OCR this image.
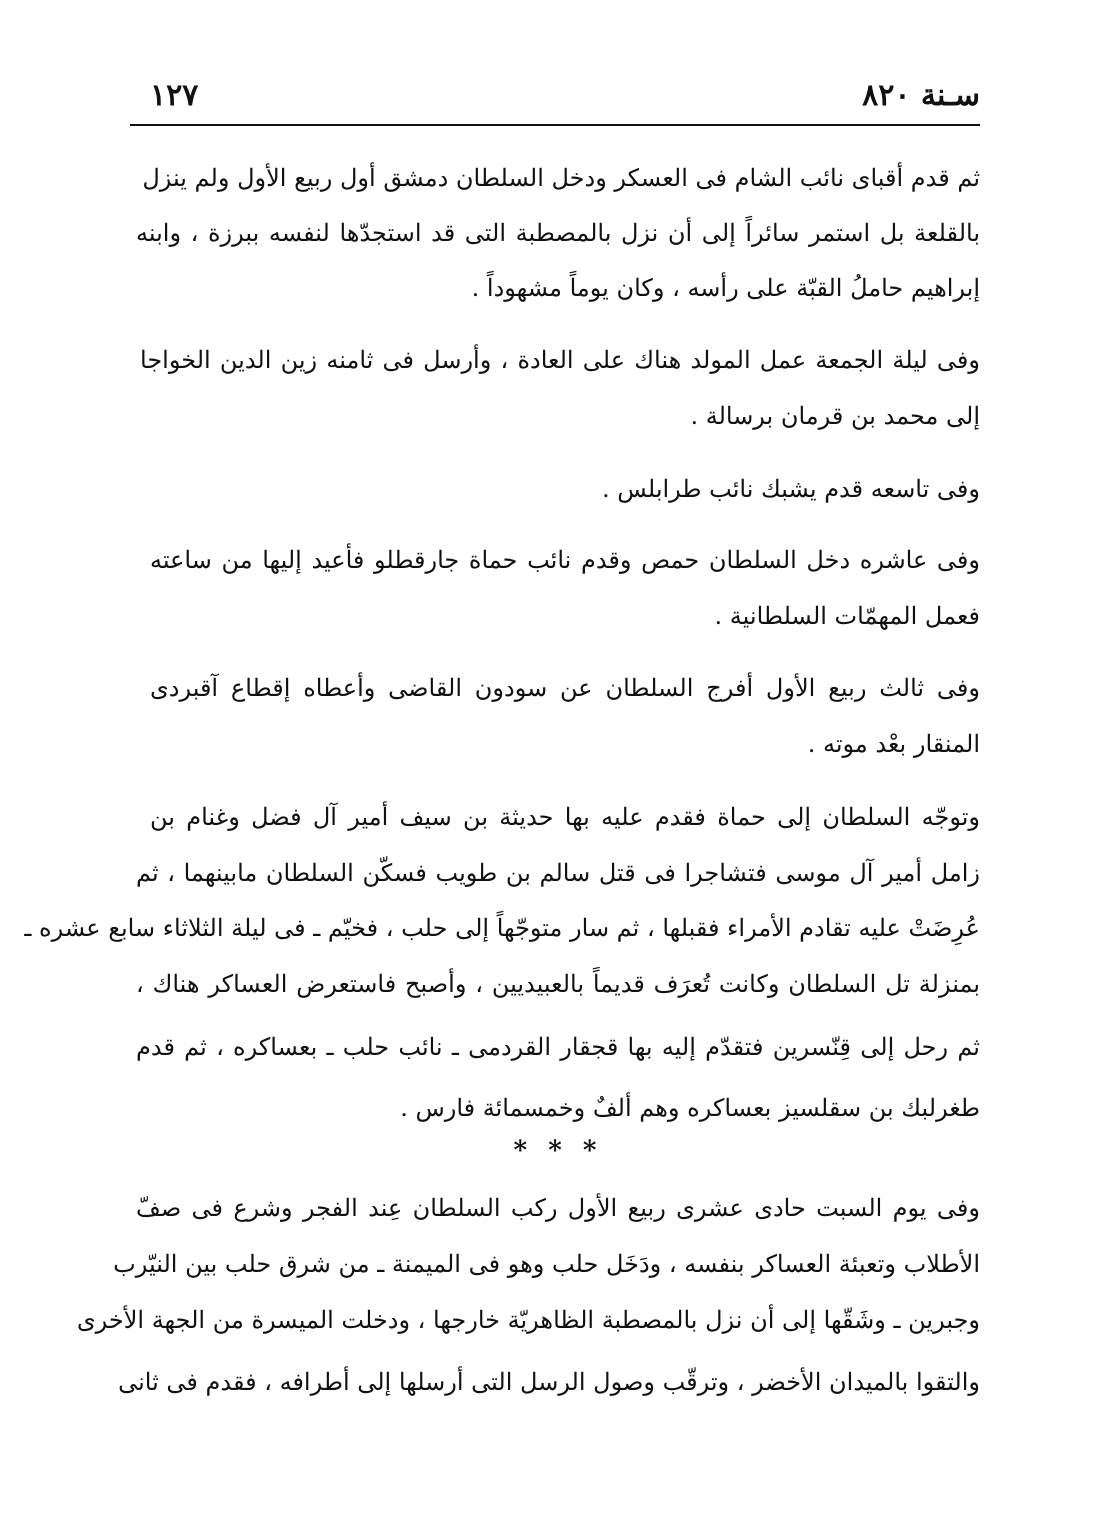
سـنة ٨٢٠
١٢٧
ثم قدم أقباى نائب الشام فى العسكر ودخل السلطان دمشق أول ربيع الأول ولم ينزل
بالقلعة بل استمر سائراً إلى أن نزل بالمصطبة التى قد استجدّها لنفسه ببرزة ، وابنه
إبراهيم حاملُ القبّة على رأسه ، وكان يوماً مشهوداً .
وفى ليلة الجمعة عمل المولد هناك على العادة ، وأرسل فى ثامنه زين الدين الخواجا
إلى محمد بن قرمان برسالة .
وفى تاسعه قدم يشبك نائب طرابلس .
وفى عاشره دخل السلطان حمص وقدم نائب حماة جارقطلو فأعيد إليها من ساعته
فعمل المهمّات السلطانية .
وفى ثالث ربيع الأول أفرج السلطان عن سودون القاضى وأعطاه إقطاع آقبردى
المنقار بعْد موته .
وتوجّه السلطان إلى حماة فقدم عليه بها حديثة بن سيف أمير آل فضل وغنام بن
زامل أمير آل موسى فتشاجرا فى قتل سالم بن طويب فسكّن السلطان مابينهما ، ثم
عُرِضَتْ عليه تقادم الأمراء فقبلها ، ثم سار متوجّهاً إلى حلب ، فخيّم ـ فى ليلة الثلاثاء سابع عشره ـ
بمنزلة تل السلطان وكانت تُعرَف قديماً بالعبيديين ، وأصبح فاستعرض العساكر هناك ،
ثم رحل إلى قِنّسرين فتقدّم إليه بها قجقار القردمى ـ نائب حلب ـ بعساكره ، ثم قدم
طغرلبك بن سقلسيز بعساكره وهم ألفٌ وخمسمائة فارس .
* * *
وفى يوم السبت حادى عشرى ربيع الأول ركب السلطان عِند الفجر وشرع فى صفّ
الأطلاب وتعبئة العساكر بنفسه ، ودَخَل حلب وهو فى الميمنة ـ من شرق حلب بين النيّرب
وجبرين ـ وشَقّها إلى أن نزل بالمصطبة الظاهريّة خارجها ، ودخلت الميسرة من الجهة الأخرى
والتقوا بالميدان الأخضر ، وترقّب وصول الرسل التى أرسلها إلى أطرافه ، فقدم فى ثانى
